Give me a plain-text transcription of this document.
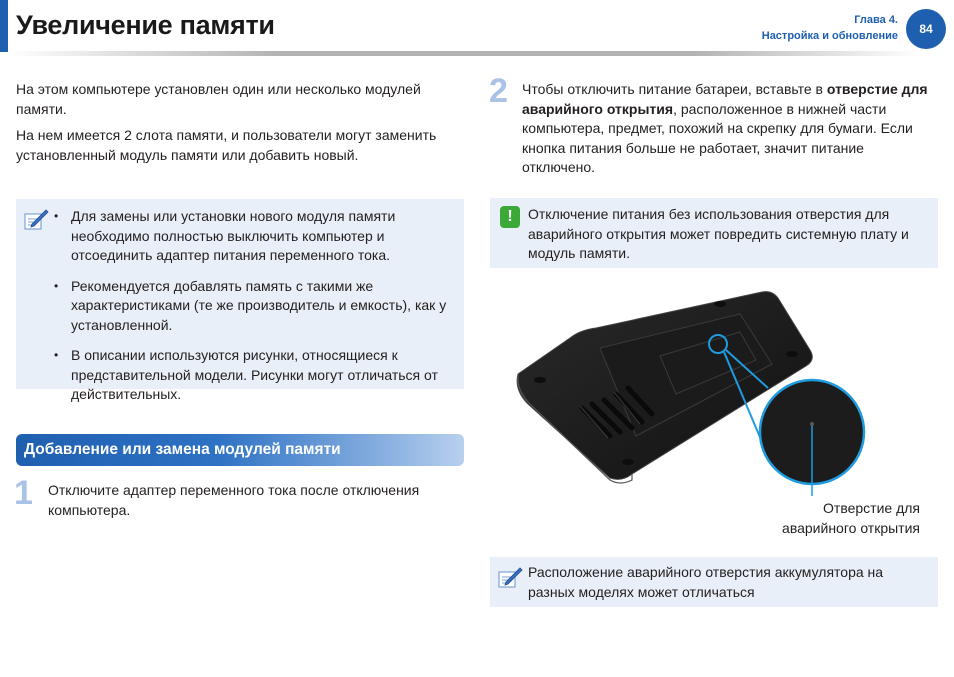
Увеличение памяти	Глава 4.
Настройка и обновление	84

На этом компьютере установлен один или несколько модулей памяти.

На нем имеется 2 слота памяти, и пользователи могут заменить установленный модуль памяти или добавить новый.

• Для замены или установки нового модуля памяти необходимо полностью выключить компьютер и отсоединить адаптер питания переменного тока.
• Рекомендуется добавлять память с такими же характеристиками (те же производитель и емкость), как у установленной.
• В описании используются рисунки, относящиеся к представительной модели. Рисунки могут отличаться от действительных.
Добавление или замена модулей памяти
1 Отключите адаптер переменного тока после отключения компьютера.

2 Чтобы отключить питание батареи, вставьте в отверстие для аварийного открытия, расположенное в нижней части компьютера, предмет, похожий на скрепку для бумаги. Если кнопка питания больше не работает, значит питание отключено.

!	Отключение питания без использования отверстия для аварийного открытия может повредить системную плату и модуль памяти.

Отверстие для
аварийного открытия

Расположение аварийного отверстия аккумулятора на разных моделях может отличаться
